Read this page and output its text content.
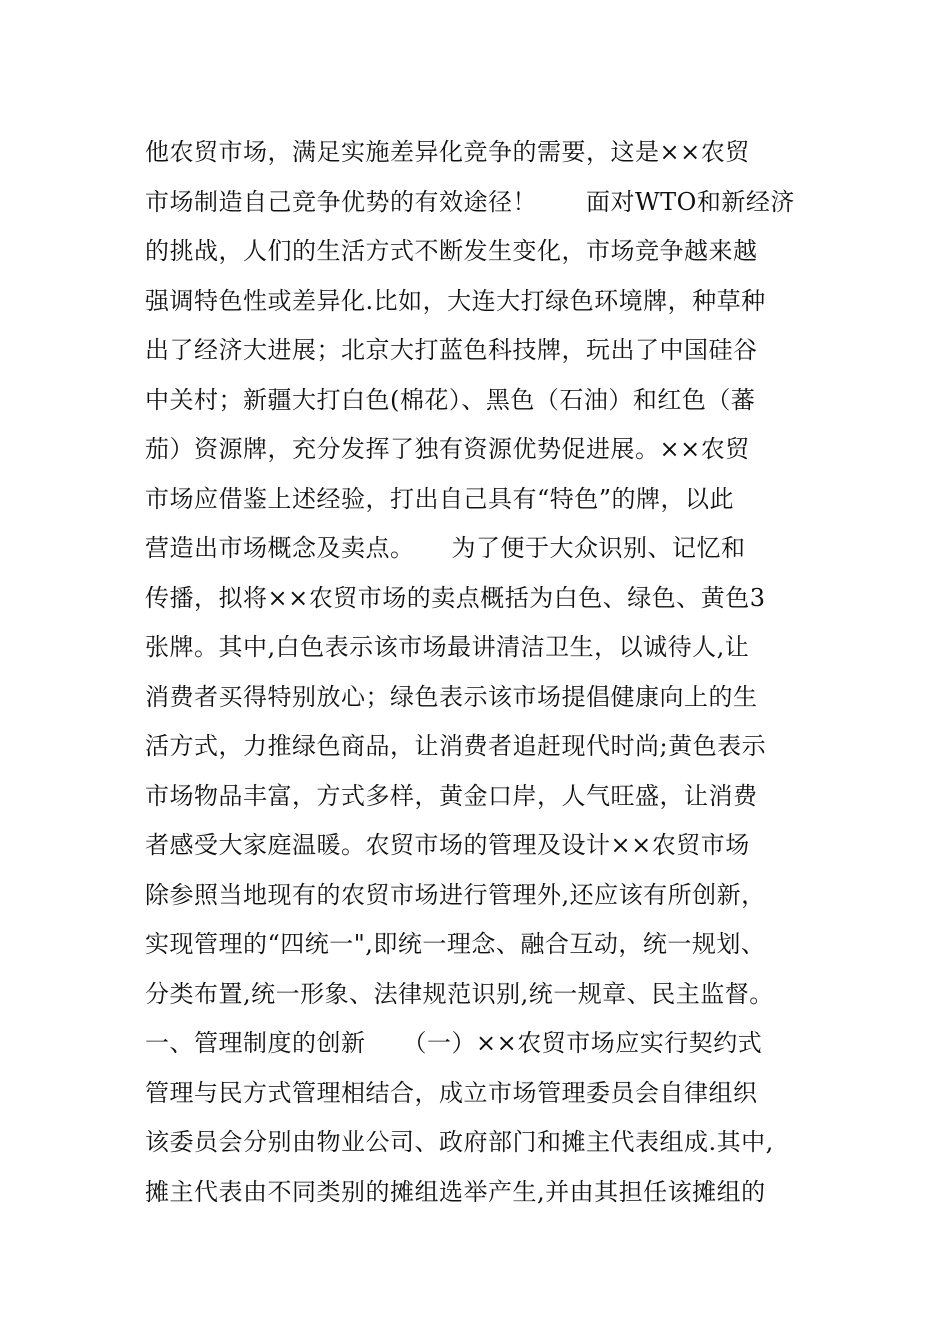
他农贸市场，满足实施差异化竞争的需要，这是××农贸
市场制造自己竞争优势的有效途径！　　面对WTO和新经济
的挑战，人们的生活方式不断发生变化，市场竞争越来越
强调特色性或差异化.比如，大连大打绿色环境牌，种草种
出了经济大进展；北京大打蓝色科技牌，玩出了中国硅谷
中关村；新疆大打白色(棉花）、黑色（石油）和红色（蕃
茄）资源牌，充分发挥了独有资源优势促进展。××农贸
市场应借鉴上述经验，打出自己具有“特色”的牌，以此
营造出市场概念及卖点。　　为了便于大众识别、记忆和
传播，拟将××农贸市场的卖点概括为白色、绿色、黄色3
张牌。其中,白色表示该市场最讲清洁卫生，以诚待人,让
消费者买得特别放心；绿色表示该市场提倡健康向上的生
活方式，力推绿色商品，让消费者追赶现代时尚;黄色表示
市场物品丰富，方式多样，黄金口岸，人气旺盛，让消费
者感受大家庭温暖。农贸市场的管理及设计××农贸市场
除参照当地现有的农贸市场进行管理外,还应该有所创新，
实现管理的“四统一",即统一理念、融合互动，统一规划、
分类布置,统一形象、法律规范识别,统一规章、民主监督。
一、管理制度的创新　　（一）××农贸市场应实行契约式
管理与民方式管理相结合，成立市场管理委员会自律组织
该委员会分别由物业公司、政府部门和摊主代表组成.其中,
摊主代表由不同类别的摊组选举产生,并由其担任该摊组的
